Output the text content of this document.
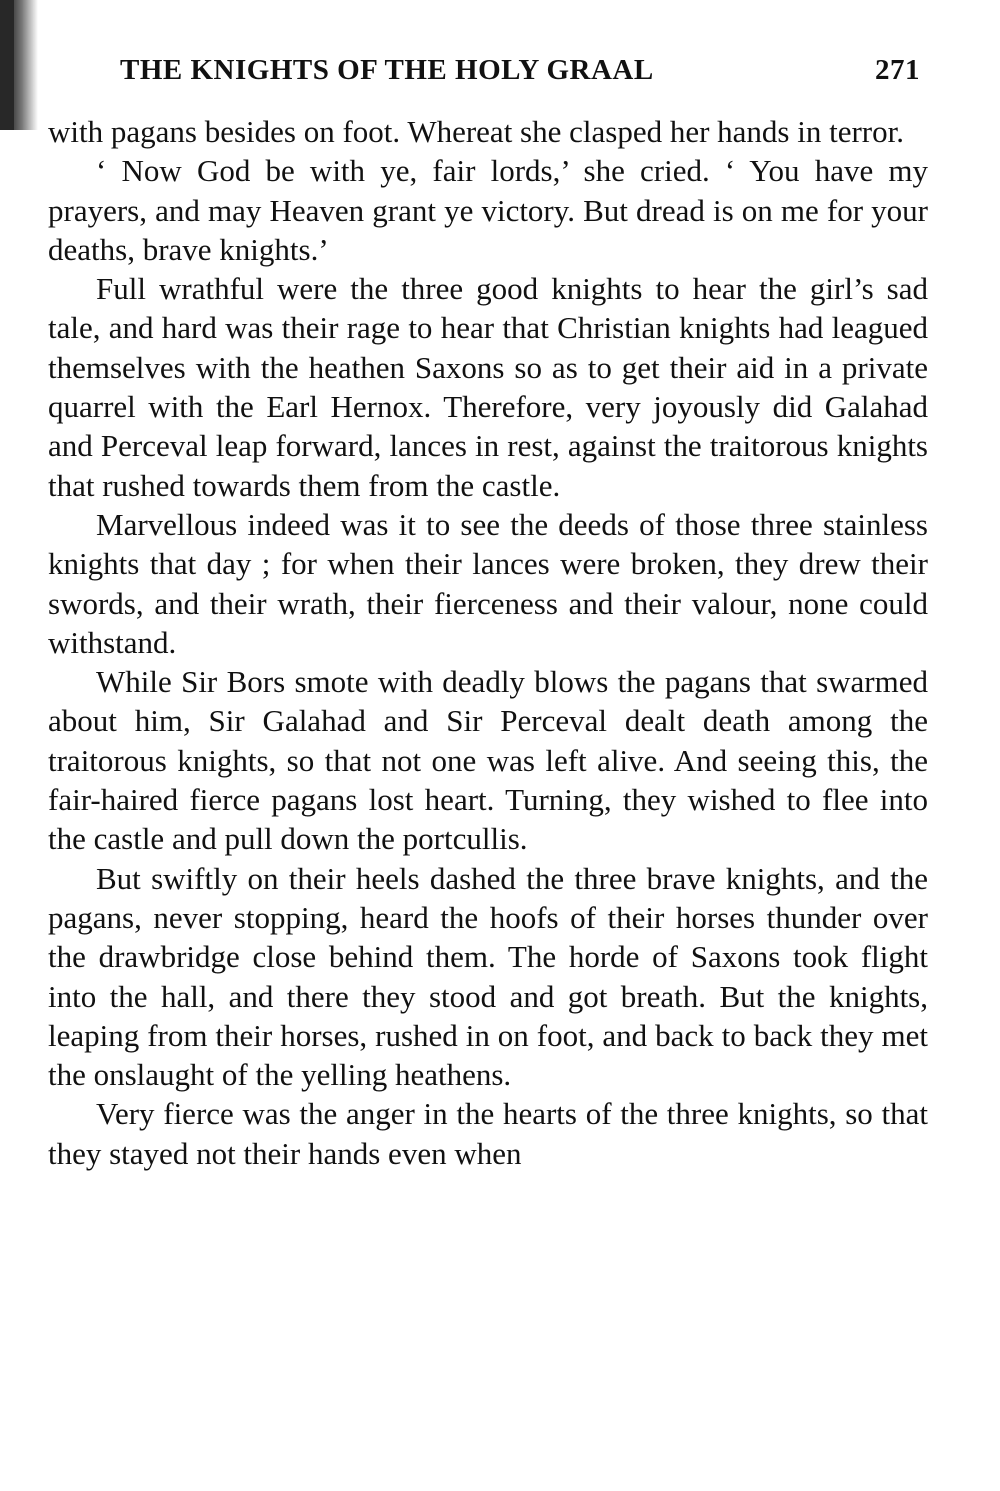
THE KNIGHTS OF THE HOLY GRAAL	271

with pagans besides on foot. Whereat she clasped her hands in terror.

‘ Now God be with ye, fair lords,’ she cried. ‘ You have my prayers, and may Heaven grant ye victory. But dread is on me for your deaths, brave knights.’

Full wrathful were the three good knights to hear the girl’s sad tale, and hard was their rage to hear that Christian knights had leagued themselves with the heathen Saxons so as to get their aid in a private quarrel with the Earl Hernox. Therefore, very joyously did Galahad and Perceval leap forward, lances in rest, against the traitorous knights that rushed towards them from the castle.

Marvellous indeed was it to see the deeds of those three stainless knights that day ; for when their lances were broken, they drew their swords, and their wrath, their fierceness and their valour, none could withstand.

While Sir Bors smote with deadly blows the pagans that swarmed about him, Sir Galahad and Sir Perceval dealt death among the traitorous knights, so that not one was left alive. And seeing this, the fair-haired fierce pagans lost heart. Turning, they wished to flee into the castle and pull down the portcullis.

But swiftly on their heels dashed the three brave knights, and the pagans, never stopping, heard the hoofs of their horses thunder over the drawbridge close behind them. The horde of Saxons took flight into the hall, and there they stood and got breath. But the knights, leaping from their horses, rushed in on foot, and back to back they met the onslaught of the yelling heathens.

Very fierce was the anger in the hearts of the three knights, so that they stayed not their hands even when
